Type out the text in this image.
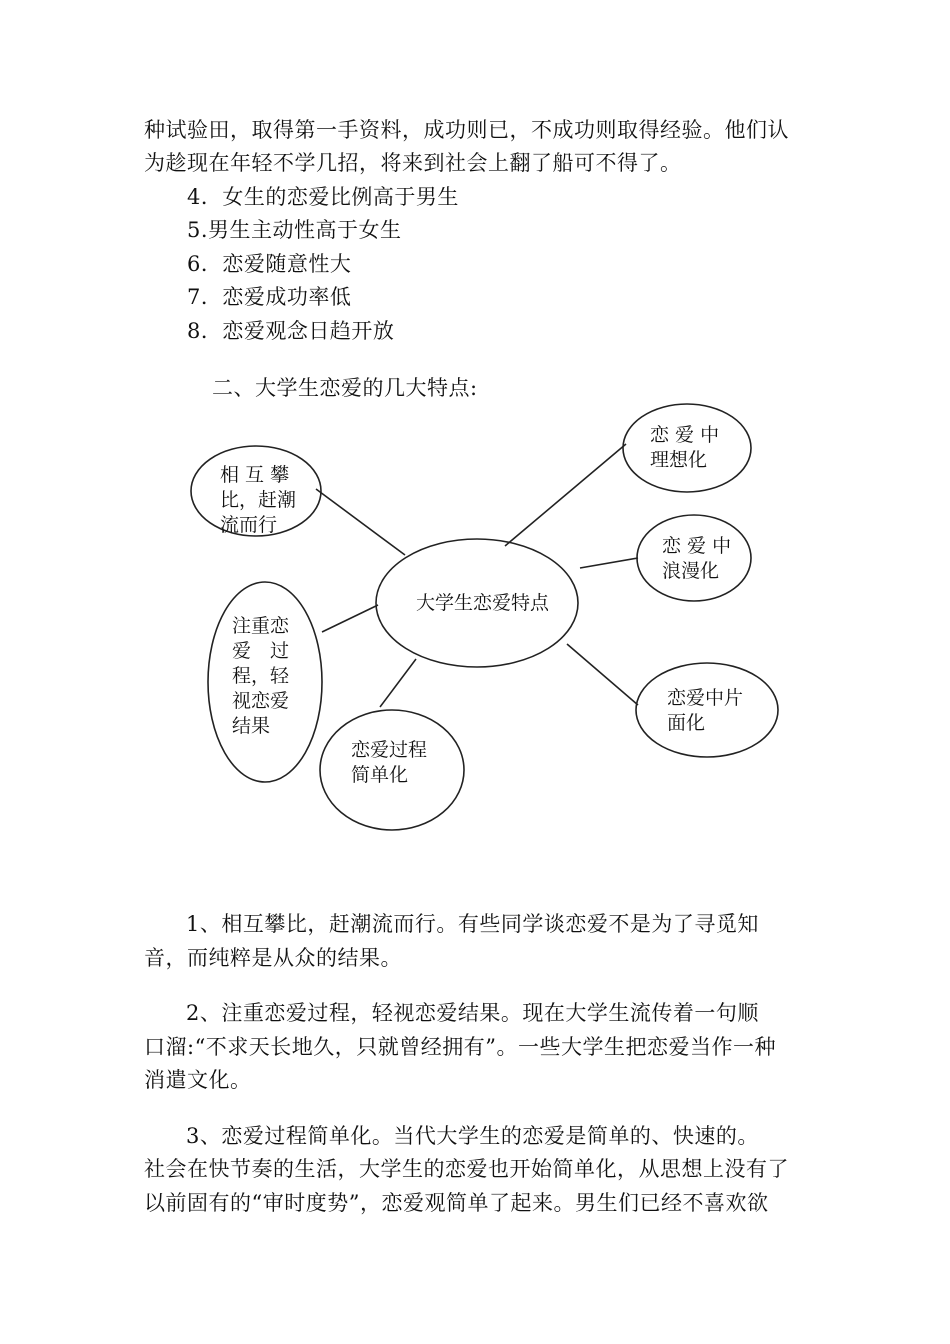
种试验田，取得第一手资料，成功则已，不成功则取得经验。他们认
为趁现在年轻不学几招，将来到社会上翻了船可不得了。
4．女生的恋爱比例高于男生
5.男生主动性高于女生
6．恋爱随意性大
7．恋爱成功率低
8．恋爱观念日趋开放
二、大学生恋爱的几大特点:
大学生恋爱特点
相 互 攀
比，赶潮
流而行
注重恋
爱　过
程，轻
视恋爱
结果
恋爱过程
简单化
恋 爱 中
理想化
恋 爱 中
浪漫化
恋爱中片
面化
1、相互攀比，赶潮流而行。有些同学谈恋爱不是为了寻觅知
音，而纯粹是从众的结果。
2、注重恋爱过程，轻视恋爱结果。现在大学生流传着一句顺
口溜:“不求天长地久，只就曾经拥有”。一些大学生把恋爱当作一种
消遣文化。
3、恋爱过程简单化。当代大学生的恋爱是简单的、快速的。
社会在快节奏的生活，大学生的恋爱也开始简单化，从思想上没有了
以前固有的“审时度势”，恋爱观简单了起来。男生们已经不喜欢欲
